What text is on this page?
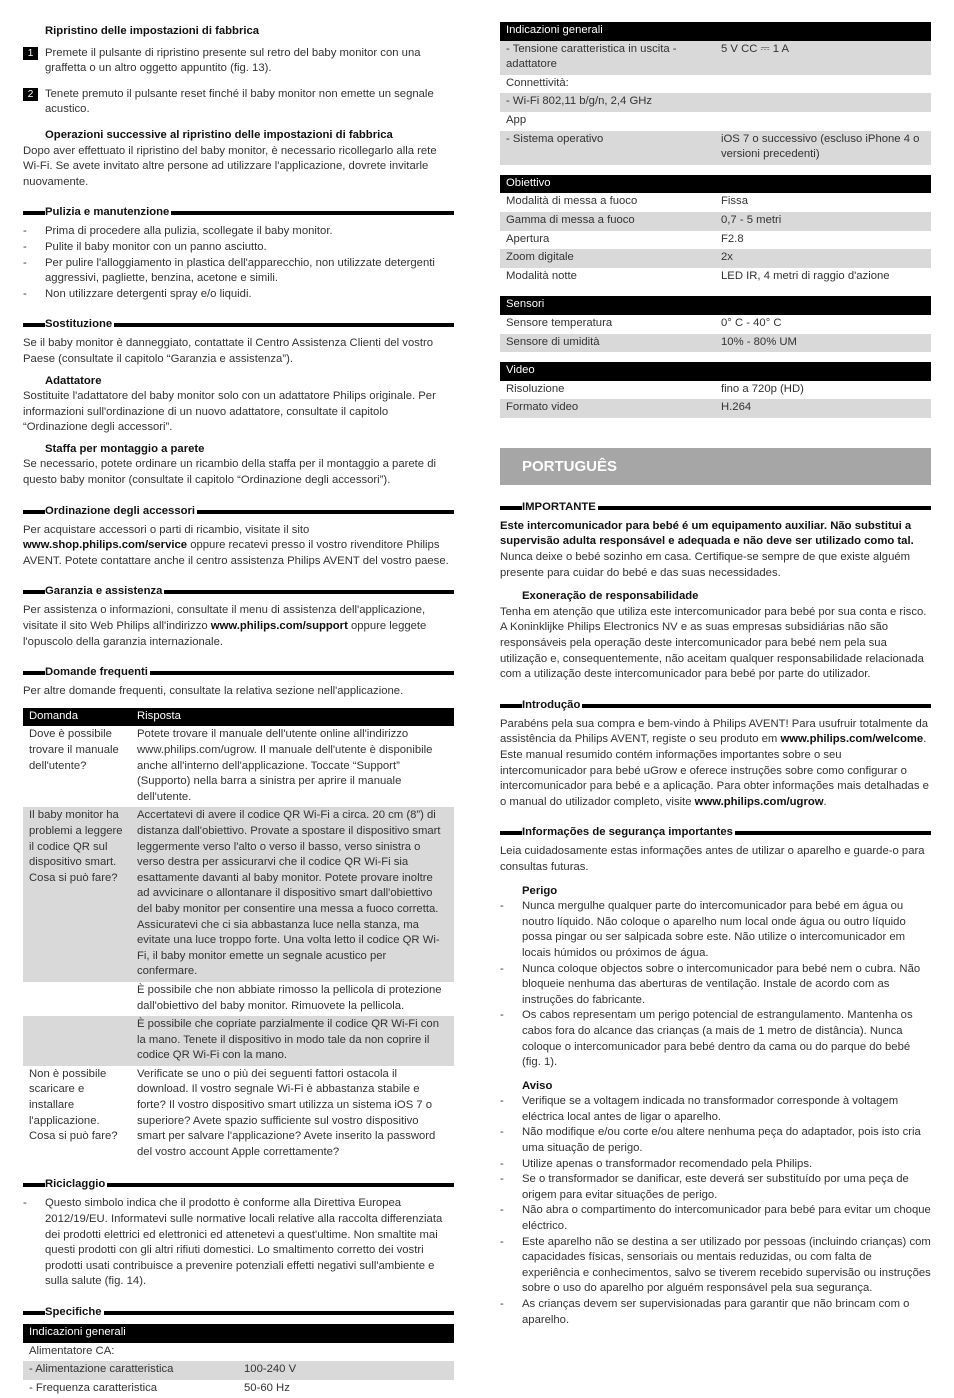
Ripristino delle impostazioni di fabbrica

1	Premete il pulsante di ripristino presente sul retro del baby monitor con una graffetta o un altro oggetto appuntito (fig. 13).
2	Tenete premuto il pulsante reset finché il baby monitor non emette un segnale acustico.

Operazioni successive al ripristino delle impostazioni di fabbrica

Dopo aver effettuato il ripristino del baby monitor, è necessario ricollegarlo alla rete Wi-Fi. Se avete invitato altre persone ad utilizzare l'applicazione, dovrete invitarle nuovamente.

Pulizia e manutenzione
- Prima di procedere alla pulizia, scollegate il baby monitor.
- Pulite il baby monitor con un panno asciutto.
- Per pulire l'alloggiamento in plastica dell'apparecchio, non utilizzate detergenti aggressivi, pagliette, benzina, acetone e simili.
- Non utilizzare detergenti spray e/o liquidi.
Sostituzione

Se il baby monitor è danneggiato, contattate il Centro Assistenza Clienti del vostro Paese (consultate il capitolo “Garanzia e assistenza”).

Adattatore

Sostituite l'adattatore del baby monitor solo con un adattatore Philips originale. Per informazioni sull'ordinazione di un nuovo adattatore, consultate il capitolo “Ordinazione degli accessori”.

Staffa per montaggio a parete

Se necessario, potete ordinare un ricambio della staffa per il montaggio a parete di questo baby monitor (consultate il capitolo “Ordinazione degli accessori”).

Ordinazione degli accessori

Per acquistare accessori o parti di ricambio, visitate il sito www.shop.philips.com/service oppure recatevi presso il vostro rivenditore Philips AVENT. Potete contattare anche il centro assistenza Philips AVENT del vostro paese.

Garanzia e assistenza

Per assistenza o informazioni, consultate il menu di assistenza dell'applicazione, visitate il sito Web Philips all'indirizzo www.philips.com/support oppure leggete l'opuscolo della garanzia internazionale.

Domande frequenti

Per altre domande frequenti, consultate la relativa sezione nell'applicazione.

Domanda	Risposta
Dove è possibile trovare il manuale dell'utente?	Potete trovare il manuale dell'utente online all'indirizzo www.philips.com/ugrow. Il manuale dell'utente è disponibile anche all'interno dell'applicazione. Toccate “Support” (Supporto) nella barra a sinistra per aprire il manuale dell'utente.
Il baby monitor ha problemi a leggere il codice QR sul dispositivo smart. Cosa si può fare?	Accertatevi di avere il codice QR Wi-Fi a circa. 20 cm (8”) di distanza dall'obiettivo. Provate a spostare il dispositivo smart leggermente verso l'alto o verso il basso, verso sinistra o verso destra per assicurarvi che il codice QR Wi-Fi sia esattamente davanti al baby monitor. Potete provare inoltre ad avvicinare o allontanare il dispositivo smart dall'obiettivo del baby monitor per consentire una messa a fuoco corretta. Assicuratevi che ci sia abbastanza luce nella stanza, ma evitate una luce troppo forte. Una volta letto il codice QR Wi-Fi, il baby monitor emette un segnale acustico per confermare.
	È possibile che non abbiate rimosso la pellicola di protezione dall'obiettivo del baby monitor. Rimuovete la pellicola.
	È possibile che copriate parzialmente il codice QR Wi-Fi con la mano. Tenete il dispositivo in modo tale da non coprire il codice QR Wi-Fi con la mano.
Non è possibile scaricare e installare l'applicazione. Cosa si può fare?	Verificate se uno o più dei seguenti fattori ostacola il download. Il vostro segnale Wi-Fi è abbastanza stabile e forte? Il vostro dispositivo smart utilizza un sistema iOS 7 o superiore? Avete spazio sufficiente sul vostro dispositivo smart per salvare l'applicazione? Avete inserito la password del vostro account Apple correttamente?
Riciclaggio
- Questo simbolo indica che il prodotto è conforme alla Direttiva Europea 2012/19/EU. Informatevi sulle normative locali relative alla raccolta differenziata dei prodotti elettrici ed elettronici ed attenetevi a quest'ultime. Non smaltite mai questi prodotti con gli altri rifiuti domestici. Lo smaltimento corretto dei vostri prodotti usati contribuisce a prevenire potenziali effetti negativi sull'ambiente e sulla salute (fig. 14).
Specifiche
Indicazioni generali	
Alimentatore CA:	
- Alimentazione caratteristica	100-240 V
- Frequenza caratteristica	50-60 Hz
Indicazioni generali	
- Tensione caratteristica in uscita - adattatore	5 V CC ⎓ 1 A
Connettività:	
- Wi-Fi 802,11 b/g/n, 2,4 GHz	
App	
- Sistema operativo	iOS 7 o successivo (escluso iPhone 4 o versioni precedenti)
Obiettivo	
Modalità di messa a fuoco	Fissa
Gamma di messa a fuoco	0,7 - 5 metri
Apertura	F2.8
Zoom digitale	2x
Modalità notte	LED IR, 4 metri di raggio d'azione
Sensori	
Sensore temperatura	0° C - 40° C
Sensore di umidità	10% - 80% UM
Video	
Risoluzione	fino a 720p (HD)
Formato video	H.264
PORTUGUÊS
IMPORTANTE

Este intercomunicador para bebé é um equipamento auxiliar. Não substitui a supervisão adulta responsável e adequada e não deve ser utilizado como tal.

Nunca deixe o bebé sozinho em casa. Certifique-se sempre de que existe alguém presente para cuidar do bebé e das suas necessidades.

Exoneração de responsabilidade

Tenha em atenção que utiliza este intercomunicador para bebé por sua conta e risco. A Koninklijke Philips Electronics NV e as suas empresas subsidiárias não são responsáveis pela operação deste intercomunicador para bebé nem pela sua utilização e, consequentemente, não aceitam qualquer responsabilidade relacionada com a utilização deste intercomunicador para bebé por parte do utilizador.

Introdução

Parabéns pela sua compra e bem-vindo à Philips AVENT! Para usufruir totalmente da assistência da Philips AVENT, registe o seu produto em www.philips.com/welcome. Este manual resumido contém informações importantes sobre o seu intercomunicador para bebé uGrow e oferece instruções sobre como configurar o intercomunicador para bebé e a aplicação. Para obter informações mais detalhadas e o manual do utilizador completo, visite www.philips.com/ugrow.

Informações de segurança importantes

Leia cuidadosamente estas informações antes de utilizar o aparelho e guarde-o para consultas futuras.

Perigo

- Nunca mergulhe qualquer parte do intercomunicador para bebé em água ou noutro líquido. Não coloque o aparelho num local onde água ou outro líquido possa pingar ou ser salpicada sobre este. Não utilize o intercomunicador em locais húmidos ou próximos de água.
- Nunca coloque objectos sobre o intercomunicador para bebé nem o cubra. Não bloqueie nenhuma das aberturas de ventilação. Instale de acordo com as instruções do fabricante.
- Os cabos representam um perigo potencial de estrangulamento. Mantenha os cabos fora do alcance das crianças (a mais de 1 metro de distância). Nunca coloque o intercomunicador para bebé dentro da cama ou do parque do bebé (fig. 1).

Aviso

- Verifique se a voltagem indicada no transformador corresponde à voltagem eléctrica local antes de ligar o aparelho.
- Não modifique e/ou corte e/ou altere nenhuma peça do adaptador, pois isto cria uma situação de perigo.
- Utilize apenas o transformador recomendado pela Philips.
- Se o transformador se danificar, este deverá ser substituído por uma peça de origem para evitar situações de perigo.
- Não abra o compartimento do intercomunicador para bebé para evitar um choque eléctrico.
- Este aparelho não se destina a ser utilizado por pessoas (incluindo crianças) com capacidades físicas, sensoriais ou mentais reduzidas, ou com falta de experiência e conhecimentos, salvo se tiverem recebido supervisão ou instruções sobre o uso do aparelho por alguém responsável pela sua segurança.
- As crianças devem ser supervisionadas para garantir que não brincam com o aparelho.
